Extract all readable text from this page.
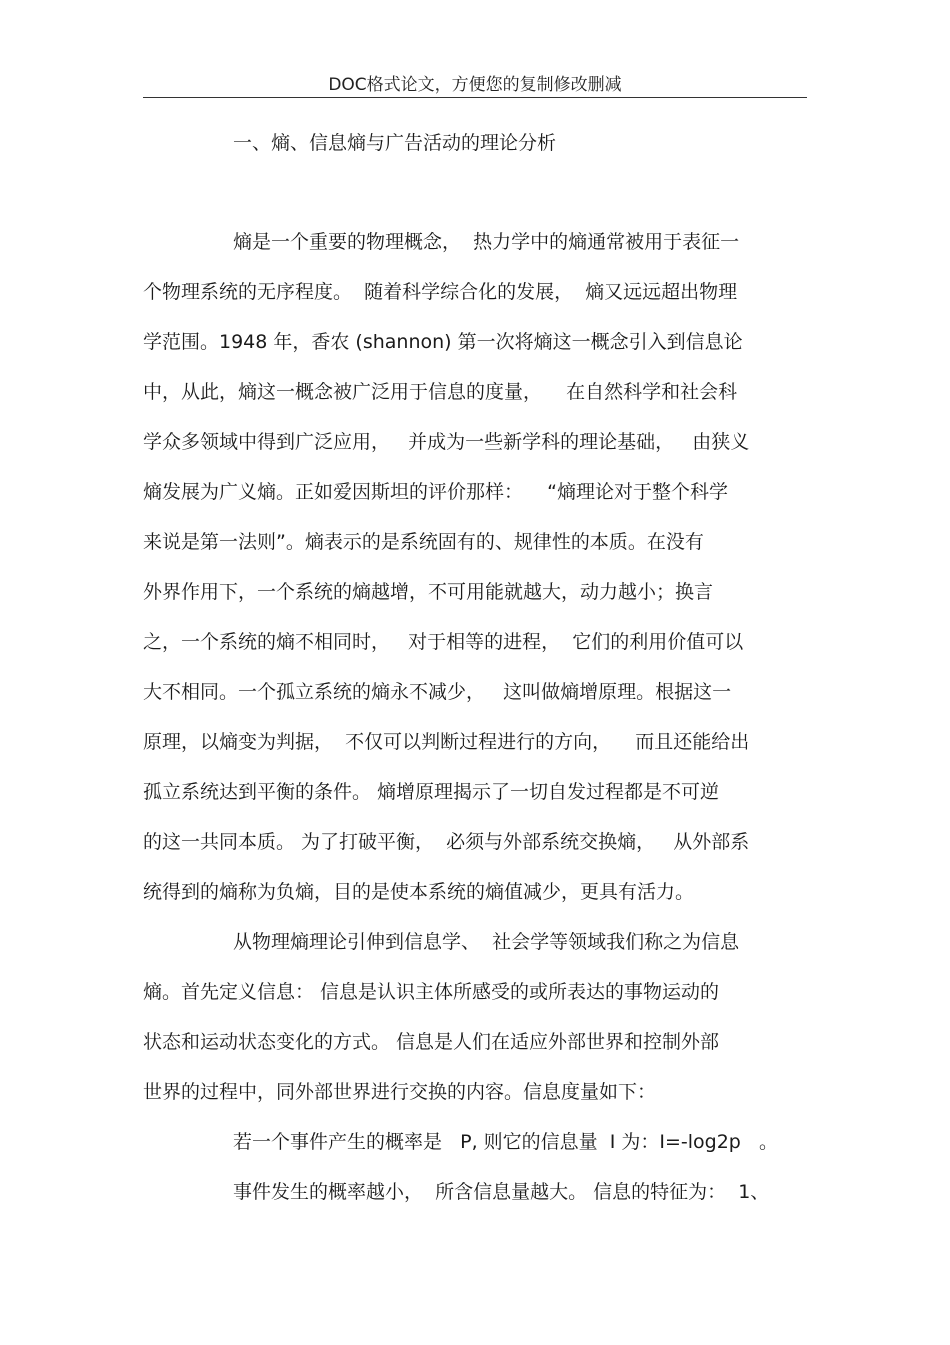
DOC格式论文，方便您的复制修改删减
一、熵、信息熵与广告活动的理论分析
熵是一个重要的物理概念，  热力学中的熵通常被用于表征一
个物理系统的无序程度。  随着科学综合化的发展，  熵又远远超出物理
学范围。1948 年，香农 (shannon) 第一次将熵这一概念引入到信息论
中，从此，熵这一概念被广泛用于信息的度量，    在自然科学和社会科
学众多领域中得到广泛应用，   并成为一些新学科的理论基础，   由狭义
熵发展为广义熵。正如爱因斯坦的评价那样：    “熵理论对于整个科学
来说是第一法则”。熵表示的是系统固有的、规律性的本质。在没有
外界作用下，一个系统的熵越增，不可用能就越大，动力越小；换言
之，一个系统的熵不相同时，   对于相等的进程，  它们的利用价值可以
大不相同。一个孤立系统的熵永不减少，   这叫做熵增原理。根据这一
原理，以熵变为判据，  不仅可以判断过程进行的方向，    而且还能给出
孤立系统达到平衡的条件。 熵增原理揭示了一切自发过程都是不可逆
的这一共同本质。 为了打破平衡，  必须与外部系统交换熵，   从外部系
统得到的熵称为负熵，目的是使本系统的熵值减少，更具有活力。
从物理熵理论引伸到信息学、  社会学等领域我们称之为信息
熵。首先定义信息： 信息是认识主体所感受的或所表达的事物运动的
状态和运动状态变化的方式。 信息是人们在适应外部世界和控制外部
世界的过程中，同外部世界进行交换的内容。信息度量如下：
若一个事件产生的概率是   P, 则它的信息量  I 为：I=-log2p   。
事件发生的概率越小，  所含信息量越大。 信息的特征为：  1、
